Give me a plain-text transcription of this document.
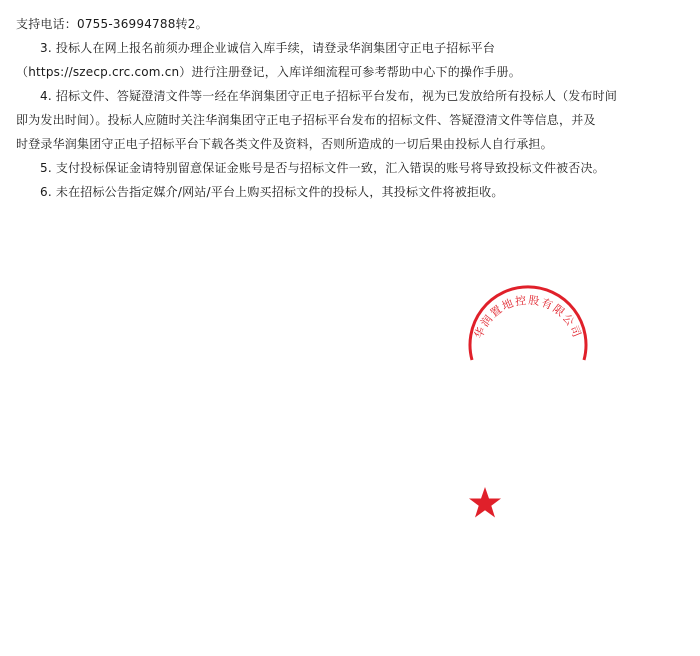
支持电话：0755-36994788转2。
3. 投标人在网上报名前须办理企业诚信入库手续，请登录华润集团守正电子招标平台
（https://szecp.crc.com.cn）进行注册登记，入库详细流程可参考帮助中心下的操作手册。
4. 招标文件、答疑澄清文件等一经在华润集团守正电子招标平台发布，视为已发放给所有投标人（发布时间
即为发出时间）。投标人应随时关注华润集团守正电子招标平台发布的招标文件、答疑澄清文件等信息，并及
时登录华润集团守正电子招标平台下载各类文件及资料，否则所造成的一切后果由投标人自行承担。
5. 支付投标保证金请特别留意保证金账号是否与招标文件一致，汇入错误的账号将导致投标文件被否决。
6. 未在招标公告指定媒介/网站/平台上购买招标文件的投标人，其投标文件将被拒收。
华润置地控股有限公司
